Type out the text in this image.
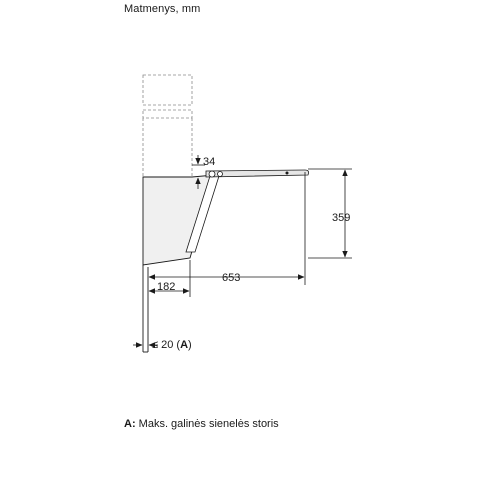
Matmenys, mm
34
359
653
182
≤ 20 (A)
A: Maks. galinės sienelės storis
